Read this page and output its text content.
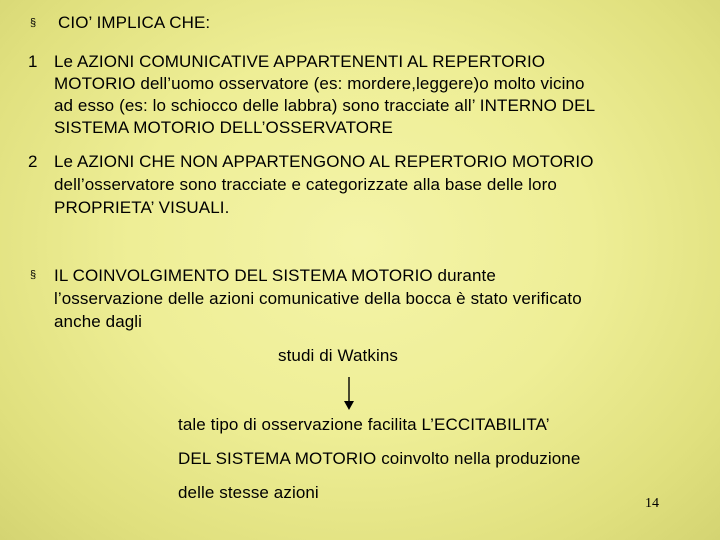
§ CIO’ IMPLICA CHE:
1 Le AZIONI COMUNICATIVE APPARTENENTI AL REPERTORIO
MOTORIO dell’uomo osservatore (es: mordere,leggere)o molto vicino
ad esso (es: lo schiocco delle labbra) sono tracciate all’ INTERNO DEL
SISTEMA MOTORIO DELL’OSSERVATORE
2 Le AZIONI CHE NON APPARTENGONO AL REPERTORIO MOTORIO
dell’osservatore sono tracciate e categorizzate alla base delle loro
PROPRIETA’ VISUALI.
§ IL COINVOLGIMENTO DEL SISTEMA MOTORIO durante
l’osservazione delle azioni comunicative della bocca è stato verificato
anche dagli
studi di Watkins
tale tipo di osservazione facilita L’ECCITABILITA’
DEL SISTEMA MOTORIO coinvolto nella produzione
delle stesse azioni
14
